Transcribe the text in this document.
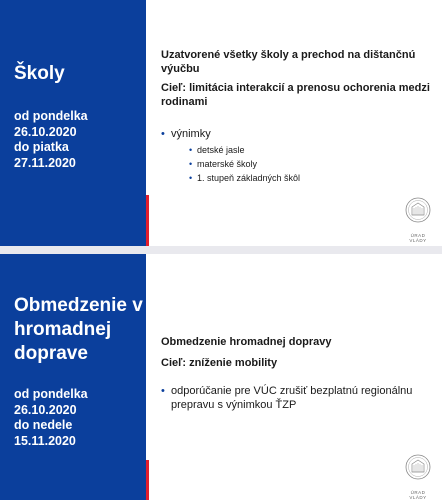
Školy
od pondelka
26.10.2020
do piatka
27.11.2020

Uzatvorené všetky školy a prechod na dištančnú výučbu

Cieľ: limitácia interakcií a prenosu ochorenia medzi rodinami

• výnimky
• detské jasle
• materské školy
• 1. stupeň základných škôl
ÚRAD VLÁDY
Obmedzenie v hromadnej doprave
od pondelka
26.10.2020
do nedele
15.11.2020

Obmedzenie hromadnej dopravy

Cieľ: zníženie mobility

• odporúčanie pre VÚC zrušiť bezplatnú regionálnu prepravu s výnimkou ŤZP
ÚRAD VLÁDY
